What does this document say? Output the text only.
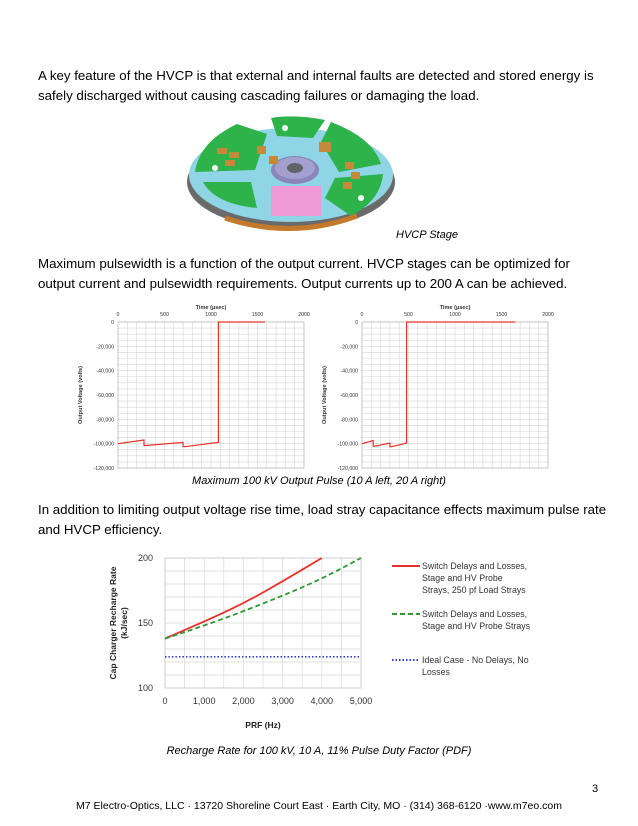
A key feature of the HVCP is that external and internal faults are detected and stored energy is safely discharged without causing cascading failures or damaging the load.
HVCP Stage
Maximum pulsewidth is a function of the output current. HVCP stages can be optimized for output current and pulsewidth requirements. Output currents up to 200 A can be achieved.
0	500	1000	1500	2000
Time (µsec)
0
-20,000
-40,000
-60,000
-80,000
-100,000
-120,000
Output Voltage (volts)
0	500	1000	1500	2000
Time (µsec)
0
-20,000
-40,000
-60,000
-80,000
-100,000
-120,000
Output Voltage (volts)
Maximum 100 kV Output Pulse (10 A left, 20 A right)
In addition to limiting output voltage rise time, load stray capacitance effects maximum pulse rate and HVCP efficiency.
0	1,000 2,000 3,000 4,000 5,000
100
150
200
PRF (Hz)
Cap Charger Recharge Rate (kJ/sec)
Switch Delays and Losses, Stage and HV Probe Strays, 250 pf Load Strays
Switch Delays and Losses, Stage and HV Probe Strays
Ideal Case - No Delays, No Losses
Recharge Rate for 100 kV, 10 A, 11% Pulse Duty Factor (PDF)
3
M7 Electro-Optics, LLC · 13720 Shoreline Court East · Earth City, MO · (314) 368-6120 ·www.m7eo.com
